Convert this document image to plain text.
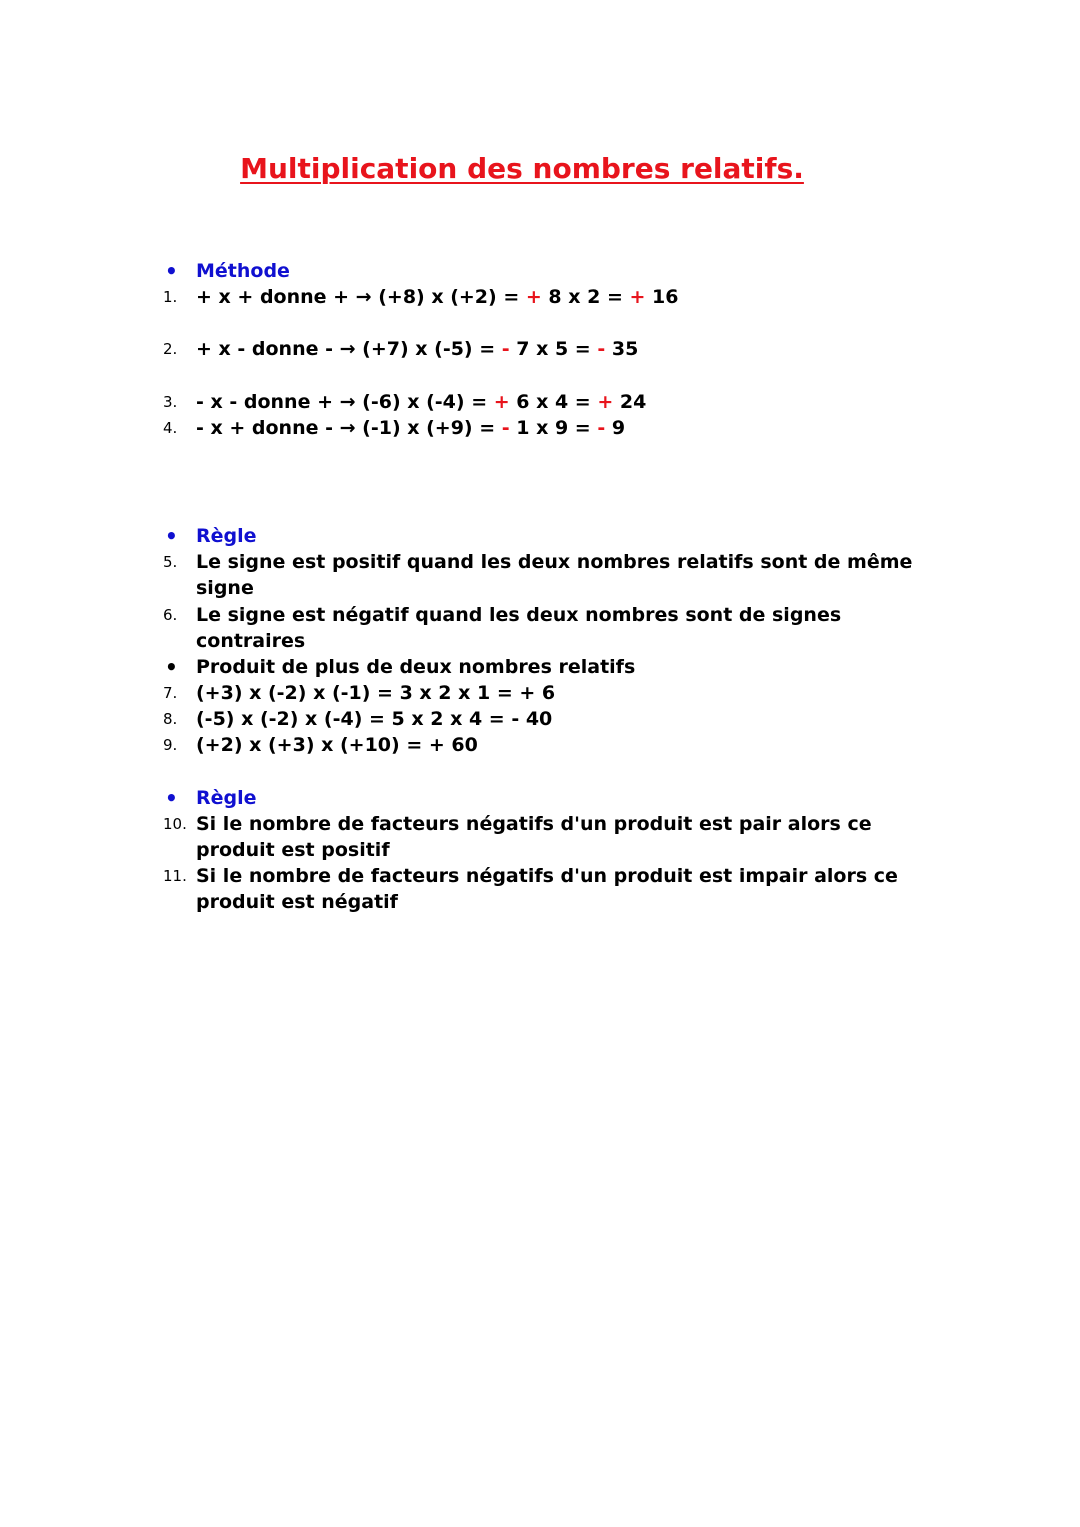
Multiplication des nombres relatifs.
• Méthode
1. + x + donne + → (+8) x (+2) = + 8 x 2 = + 16
2. + x - donne - → (+7) x (-5) = - 7 x 5 = - 35
3. - x - donne + → (-6) x (-4) = + 6 x 4 = + 24
4. - x + donne - → (-1) x (+9) = - 1 x 9 = - 9
• Règle
5. Le signe est positif quand les deux nombres relatifs sont de même signe
6. Le signe est négatif quand les deux nombres sont de signes contraires
• Produit de plus de deux nombres relatifs
7. (+3) x (-2) x (-1) = 3 x 2 x 1 = + 6
8. (-5) x (-2) x (-4) = 5 x 2 x 4 = - 40
9. (+2) x (+3) x (+10) = + 60
• Règle
10. Si le nombre de facteurs négatifs d'un produit est pair alors ce produit est positif
11. Si le nombre de facteurs négatifs d'un produit est impair alors ce produit est négatif
